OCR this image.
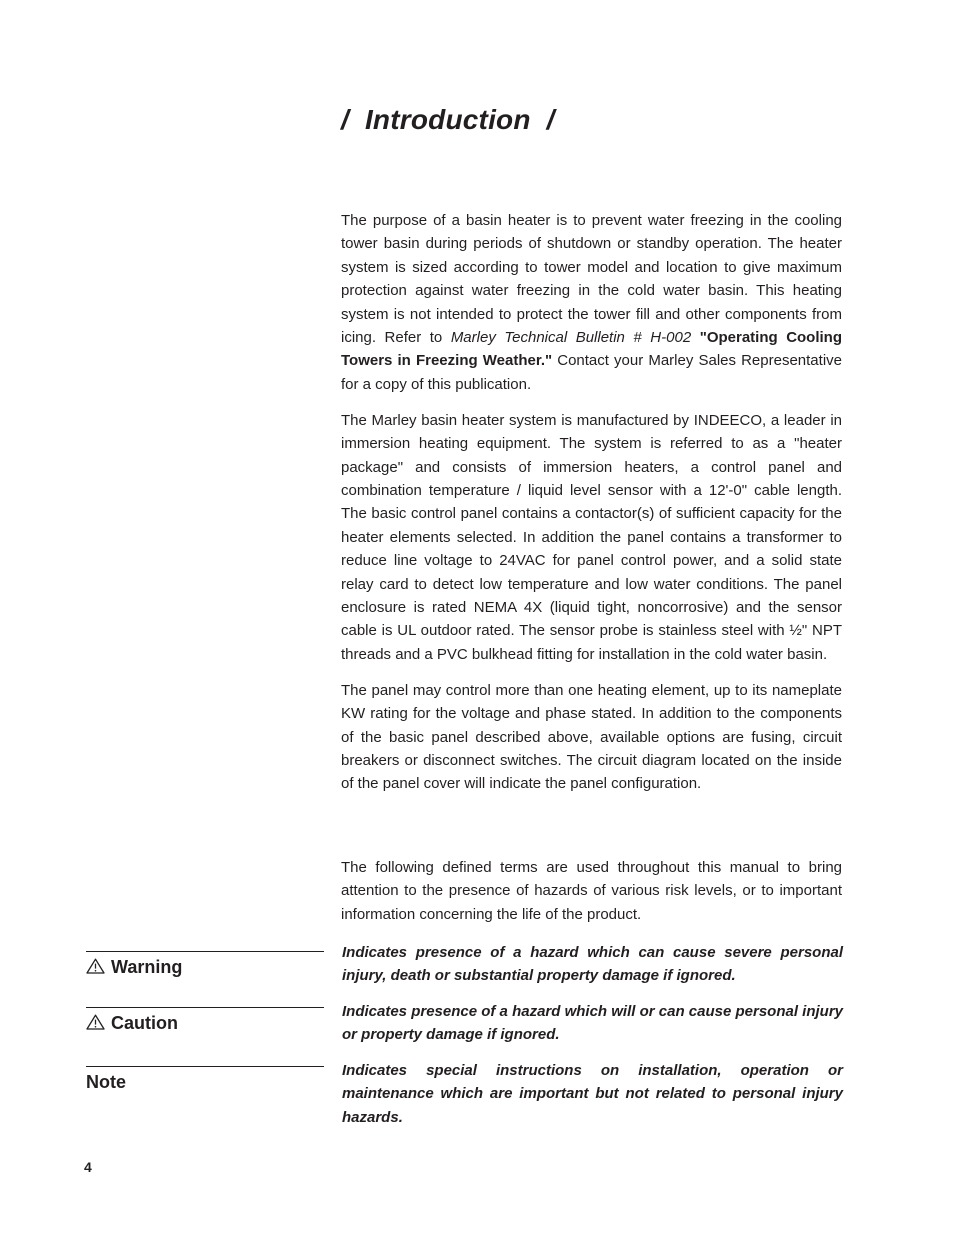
/ Introduction /

The purpose of a basin heater is to prevent water freezing in the cooling tower basin during periods of shutdown or standby operation. The heater system is sized according to tower model and location to give maximum protection against water freezing in the cold water basin. This heating system is not intended to protect the tower fill and other components from icing. Refer to Marley Technical Bulletin # H-002 "Operating Cooling Towers in Freezing Weather." Contact your Marley Sales Representative for a copy of this publication.

The Marley basin heater system is manufactured by INDEECO, a leader in immersion heating equipment. The system is referred to as a "heater package" and consists of immersion heaters, a control panel and combination temperature / liquid level sensor with a 12'-0" cable length. The basic control panel contains a contactor(s) of sufficient capacity for the heater elements selected. In addition the panel contains a transformer to reduce line voltage to 24VAC for panel control power, and a solid state relay card to detect low temperature and low water conditions. The panel enclosure is rated NEMA 4X (liquid tight, noncorrosive) and the sensor cable is UL outdoor rated. The sensor probe is stainless steel with ½" NPT threads and a PVC bulkhead fitting for installation in the cold water basin.

The panel may control more than one heating element, up to its nameplate KW rating for the voltage and phase stated. In addition to the components of the basic panel described above, available options are fusing, circuit breakers or disconnect switches. The circuit diagram located on the inside of the panel cover will indicate the panel configuration.

The following defined terms are used throughout this manual to bring attention to the presence of hazards of various risk levels, or to important information concerning the life of the product.

Warning
Indicates presence of a hazard which can cause severe personal injury, death or substantial property damage if ignored.
Caution
Indicates presence of a hazard which will or can cause personal injury or property damage if ignored.
Note
Indicates special instructions on installation, operation or maintenance which are important but not related to personal injury hazards.
4
